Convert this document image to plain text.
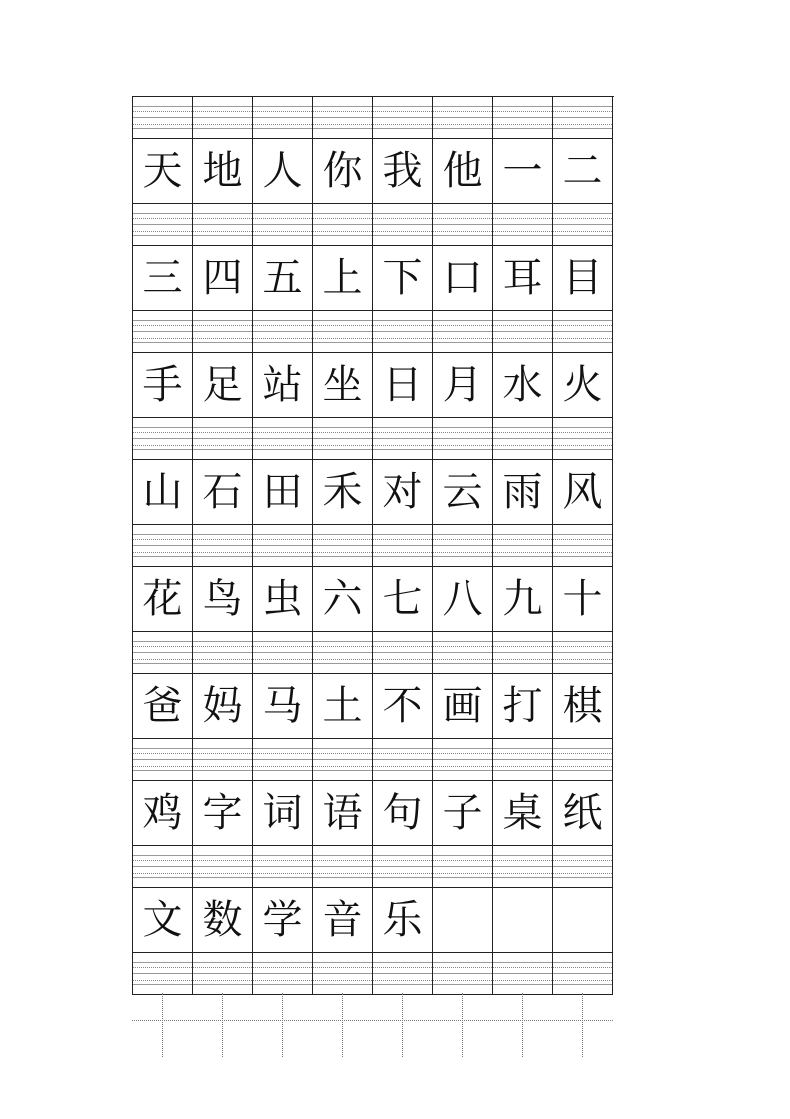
天 地 人 你 我 他 一 二
三 四 五 上 下 口 耳 目
手 足 站 坐 日 月 水 火
山 石 田 禾 对 云 雨 风
花 鸟 虫 六 七 八 九 十
爸 妈 马 土 不 画 打 棋
鸡 字 词 语 句 子 桌 纸
文 数 学 音 乐
